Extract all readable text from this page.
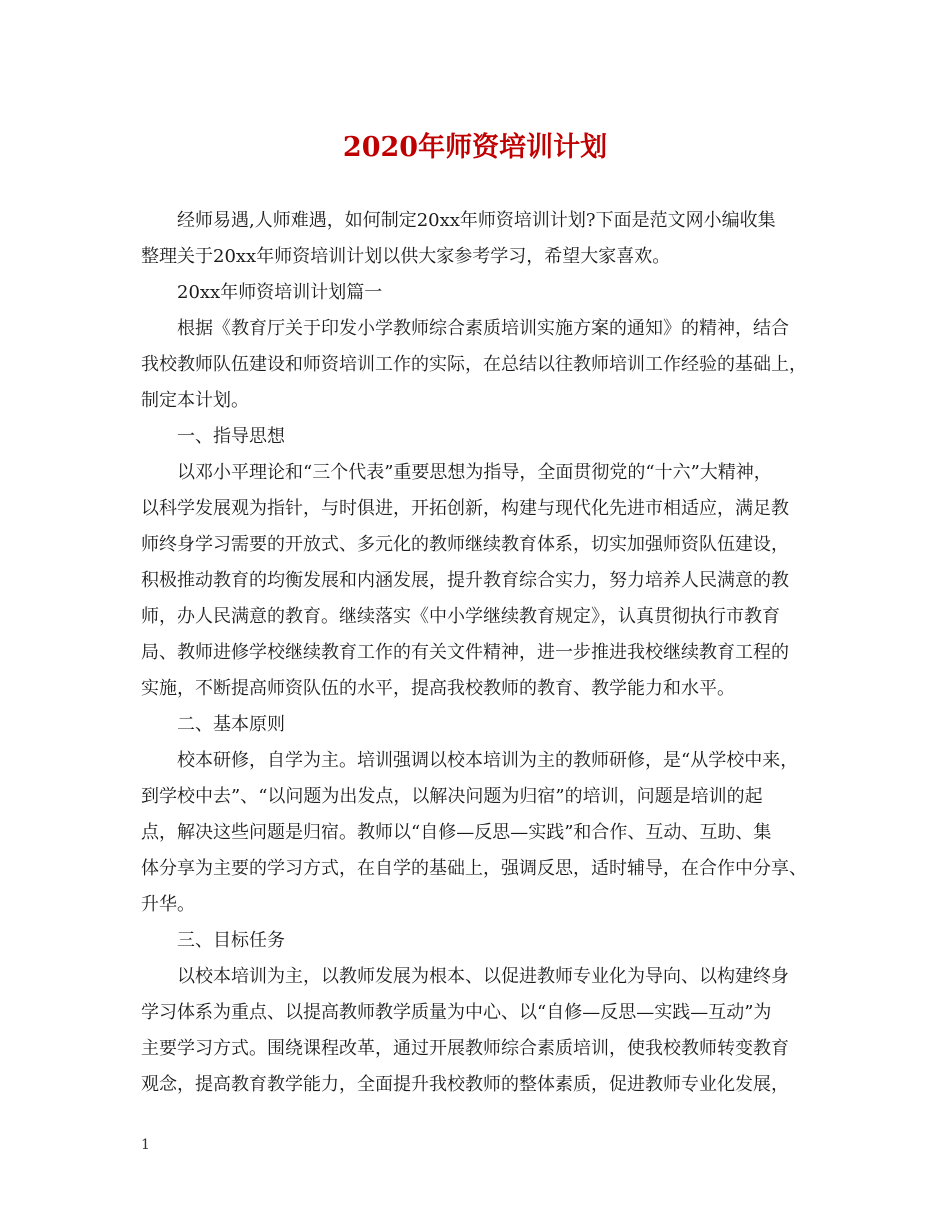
2020年师资培训计划
经师易遇,人师难遇，如何制定20xx年师资培训计划?下面是范文网小编收集
整理关于20xx年师资培训计划以供大家参考学习，希望大家喜欢。
20xx年师资培训计划篇一
根据《教育厅关于印发小学教师综合素质培训实施方案的通知》的精神，结合
我校教师队伍建设和师资培训工作的实际，在总结以往教师培训工作经验的基础上，
制定本计划。
一、指导思想
以邓小平理论和“三个代表”重要思想为指导，全面贯彻党的“十六”大精神，
以科学发展观为指针，与时俱进，开拓创新，构建与现代化先进市相适应，满足教
师终身学习需要的开放式、多元化的教师继续教育体系，切实加强师资队伍建设，
积极推动教育的均衡发展和内涵发展，提升教育综合实力，努力培养人民满意的教
师，办人民满意的教育。继续落实《中小学继续教育规定》，认真贯彻执行市教育
局、教师进修学校继续教育工作的有关文件精神，进一步推进我校继续教育工程的
实施，不断提高师资队伍的水平，提高我校教师的教育、教学能力和水平。
二、基本原则
校本研修，自学为主。培训强调以校本培训为主的教师研修，是“从学校中来，
到学校中去”、“以问题为出发点，以解决问题为归宿”的培训，问题是培训的起
点，解决这些问题是归宿。教师以“自修—反思—实践”和合作、互动、互助、集
体分享为主要的学习方式，在自学的基础上，强调反思，适时辅导，在合作中分享、
升华。
三、目标任务
以校本培训为主，以教师发展为根本、以促进教师专业化为导向、以构建终身
学习体系为重点、以提高教师教学质量为中心、以“自修—反思—实践—互动”为
主要学习方式。围绕课程改革，通过开展教师综合素质培训，使我校教师转变教育
观念，提高教育教学能力，全面提升我校教师的整体素质，促进教师专业化发展，
1
